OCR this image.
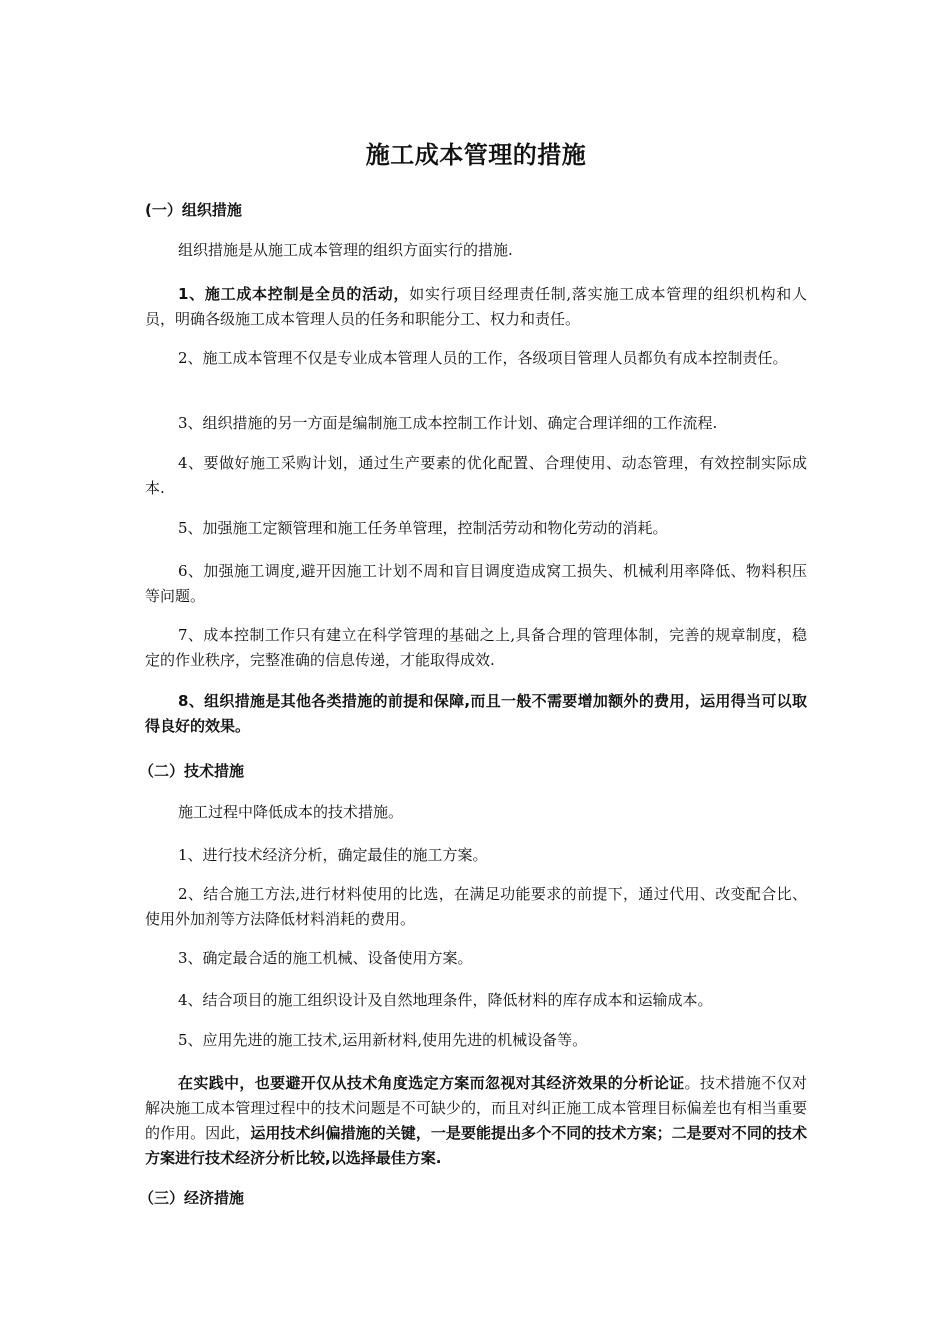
施工成本管理的措施
(一）组织措施
组织措施是从施工成本管理的组织方面实行的措施.
1、施工成本控制是全员的活动，如实行项目经理责任制,落实施工成本管理的组织机构和人员，明确各级施工成本管理人员的任务和职能分工、权力和责任。
2、施工成本管理不仅是专业成本管理人员的工作，各级项目管理人员都负有成本控制责任。
3、组织措施的另一方面是编制施工成本控制工作计划、确定合理详细的工作流程.
4、要做好施工采购计划，通过生产要素的优化配置、合理使用、动态管理，有效控制实际成本.
5、加强施工定额管理和施工任务单管理，控制活劳动和物化劳动的消耗。
6、加强施工调度,避开因施工计划不周和盲目调度造成窝工损失、机械利用率降低、物料积压等问题。
7、成本控制工作只有建立在科学管理的基础之上,具备合理的管理体制，完善的规章制度，稳定的作业秩序，完整准确的信息传递，才能取得成效.
8、组织措施是其他各类措施的前提和保障,而且一般不需要增加额外的费用，运用得当可以取得良好的效果。
（二）技术措施
施工过程中降低成本的技术措施。
1、进行技术经济分析，确定最佳的施工方案。
2、结合施工方法,进行材料使用的比选，在满足功能要求的前提下，通过代用、改变配合比、使用外加剂等方法降低材料消耗的费用。
3、确定最合适的施工机械、设备使用方案。
4、结合项目的施工组织设计及自然地理条件，降低材料的库存成本和运输成本。
5、应用先进的施工技术,运用新材料,使用先进的机械设备等。
在实践中，也要避开仅从技术角度选定方案而忽视对其经济效果的分析论证。技术措施不仅对解决施工成本管理过程中的技术问题是不可缺少的，而且对纠正施工成本管理目标偏差也有相当重要的作用。因此，运用技术纠偏措施的关键，一是要能提出多个不同的技术方案；二是要对不同的技术方案进行技术经济分析比较,以选择最佳方案.
（三）经济措施
